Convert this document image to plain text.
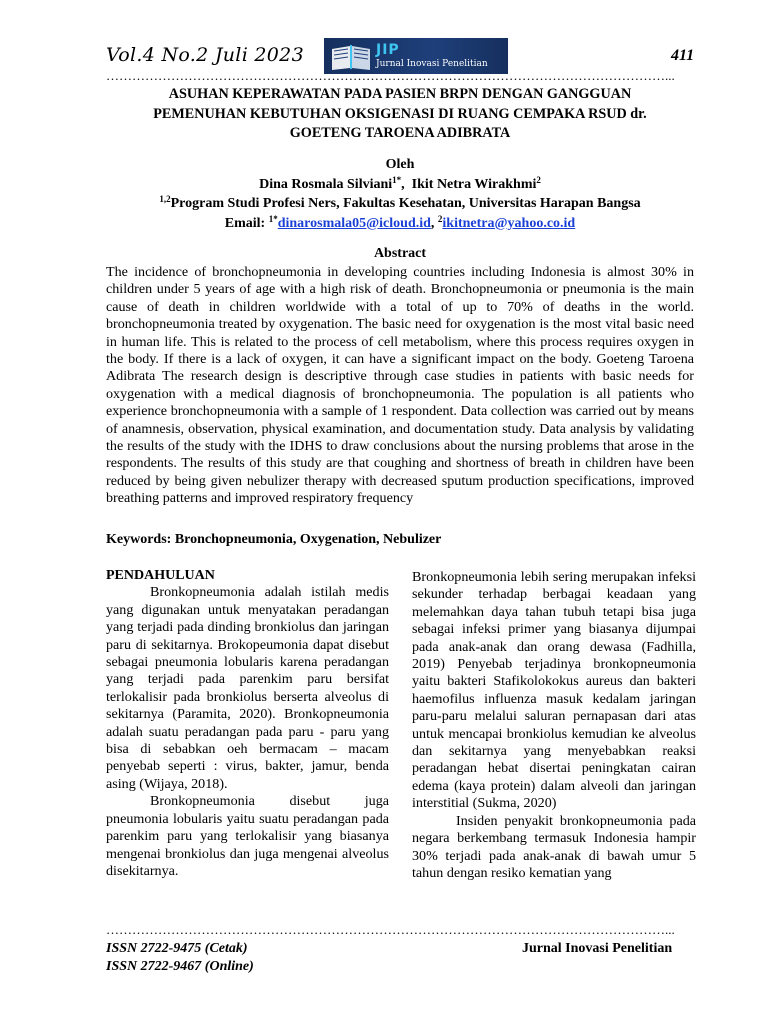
Vol.4 No.2 Juli 2023	JIP
Jurnal Inovasi Penelitian	411
…………………………………………………………………………………………………………………...
ASUHAN KEPERAWATAN PADA PASIEN BRPN DENGAN GANGGUAN
PEMENUHAN KEBUTUHAN OKSIGENASI DI RUANG CEMPAKA RSUD dr.
GOETENG TAROENA ADIBRATA
Oleh
Dina Rosmala Silviani$^{1*}$,  Ikit Netra Wirakhmi$^2$
$^{1,2}$Program Studi Profesi Ners, Fakultas Kesehatan, Universitas Harapan Bangsa
Email: $^{1*}$dinarosmala05@icloud.id, $^2$ikitnetra@yahoo.co.id
Abstract
The incidence of bronchopneumonia in developing countries including Indonesia is almost 30% in children under 5 years of age with a high risk of death. Bronchopneumonia or pneumonia is the main cause of death in children worldwide with a total of up to 70% of deaths in the world. bronchopneumonia treated by oxygenation. The basic need for oxygenation is the most vital basic need in human life. This is related to the process of cell metabolism, where this process requires oxygen in the body. If there is a lack of oxygen, it can have a significant impact on the body. Goeteng Taroena Adibrata The research design is descriptive through case studies in patients with basic needs for oxygenation with a medical diagnosis of bronchopneumonia. The population is all patients who experience bronchopneumonia with a sample of 1 respondent. Data collection was carried out by means of anamnesis, observation, physical examination, and documentation study. Data analysis by validating the results of the study with the IDHS to draw conclusions about the nursing problems that arose in the respondents. The results of this study are that coughing and shortness of breath in children have been reduced by being given nebulizer therapy with decreased sputum production specifications, improved breathing patterns and improved respiratory frequency
Keywords: Bronchopneumonia, Oxygenation, Nebulizer
PENDAHULUAN

Bronkopneumonia adalah istilah medis yang digunakan untuk menyatakan peradangan yang terjadi pada dinding bronkiolus dan jaringan paru di sekitarnya. Brokopeumonia dapat disebut sebagai pneumonia lobularis karena peradangan yang terjadi pada parenkim paru bersifat terlokalisir pada bronkiolus berserta alveolus di sekitarnya (Paramita, 2020). Bronkopneumonia adalah suatu peradangan pada paru - paru yang bisa di sebabkan oeh bermacam – macam penyebab seperti : virus, bakter, jamur, benda asing (Wijaya, 2018).

Bronkopneumonia disebut juga pneumonia lobularis yaitu suatu peradangan pada parenkim paru yang terlokalisir yang biasanya mengenai bronkiolus dan juga mengenai alveolus disekitarnya.

Bronkopneumonia lebih sering merupakan infeksi sekunder terhadap berbagai keadaan yang melemahkan daya tahan tubuh tetapi bisa juga sebagai infeksi primer yang biasanya dijumpai pada anak-anak dan orang dewasa (Fadhilla, 2019) Penyebab terjadinya bronkopneumonia yaitu bakteri Stafikolokokus aureus dan bakteri haemofilus influenza masuk kedalam jaringan paru-paru melalui saluran pernapasan dari atas untuk mencapai bronkiolus kemudian ke alveolus dan sekitarnya yang menyebabkan reaksi peradangan hebat disertai peningkatan cairan edema (kaya protein) dalam alveoli dan jaringan interstitial (Sukma, 2020)

Insiden penyakit bronkopneumonia pada negara berkembang termasuk Indonesia hampir 30% terjadi pada anak-anak di bawah umur 5 tahun dengan resiko kematian yang

…………………………………………………………………………………………………………………...
ISSN 2722-9475 (Cetak)
ISSN 2722-9467 (Online)
Jurnal Inovasi Penelitian
